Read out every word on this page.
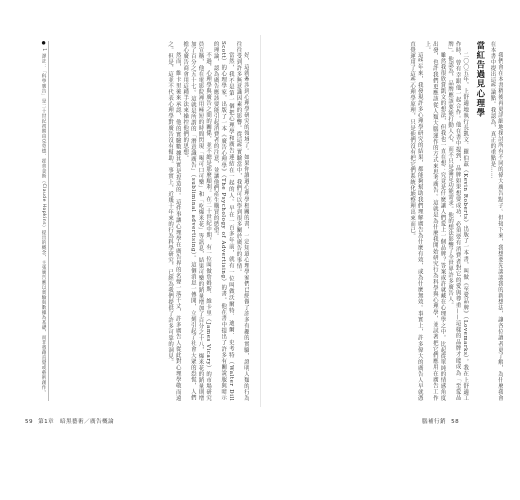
● 1 譯註：「科學廣告」是二十世紀初期由克勞德．霍普金斯（Claude Hopkins）提出的概念，主張廣告應以實驗與數據為基礎，而非憑藉直覺或藝術創作。	好，這就牽涉到心理學研究的領域了。如果你讀過心理學相關的書，一定知道心理學家們已經做了許多有趣的實驗，證明人類的行為往往受到許多無意識因素的影響。從這些實驗當中，我們可以學到很多關於廣告的事情。

當然，我不是第一個把心理學和廣告連結在一起的人。早在一百多年前，就有一位叫做沃爾特．迪爾．史考特（Walter Dill Scott）的心理學家，出版了一本《廣告心理學》（The Psychology of Advertising）的書。他在書中提出了許多有關說服與暗示的理論，認為廣告應該要能引起消費者的注意，並讓他們產生購買的慾望。

不過，心理學與廣告之間的關係，並不總是那麼順利。在二十世紀中期，有一位叫做詹姆斯．維卡里（James Vicary）的市場研究員宣稱，他在電影院裡用極短的時間閃現「喝可口可樂」和「吃爆米花」等訊息，結果可樂的銷量增加了百分之十八，爆米花的銷量則增加了百分之五十七。這就是所謂的「潛意識廣告」（subliminal advertising）。這個消息一傳開，立刻引起了社會大眾的恐慌，人們擔心廣告商會用這種手法來操控他們的思想。

然而，維卡里後來承認，他的實驗數據其實是捏造的。這件事讓心理學在廣告界的名聲一落千丈，許多廣告人從此對心理學敬而遠之。但是，這並不代表心理學對廣告沒有幫助。事實上，近幾十年來的行為科學研究，已經為我們提供了許多可靠的洞見。	我們會在本書稍後再更詳細地探討所有不同的偉大廣告點子。但接下來，我想要先談談我的新想法，讓各位讀者更了解，為什麼我會在本書中提出這些論點。我認為，真正的重點是……

當紅告過見心理學

二〇〇五年，上舒適地執行長凱文．羅伯茲（Kevin Roberts）出版了一本書，叫做《至愛品牌》（Lovemarks）。我在上舒適工作時，曾有幸跟他一起合作。他在書中提到，品牌如果想要成功，必須要有消費者對它的愛與尊重——這樣的品牌才能成為「至愛品牌」。他認為，品牌應該要能打動人心，而不只是滿足功能需求。他的想法影響了全世界許多廣告人。

雖然我很欣賞凱文的想法，但我也一直在想：究竟是什麼讓人們愛上一個品牌？答案或許就藏在心理學之中。比起從單純的情感角度出發，也許我們更應該從人類大腦運作的方式來思考廣告。這就是為什麼我開始研究行為科學與心理學，並試著把它們應用在廣告工作上。

這些年來，我發現許多心理學研究的結果，都能夠幫助我們理解廣告為什麼有效，或為什麼無效。事實上，許多偉大的廣告人早就憑直覺運用了這些心理學原理，只是他們沒有把它們系統化地整理出來而已。

59 第1章　暗黑藝術／廣告概論	腦補行銷 58
